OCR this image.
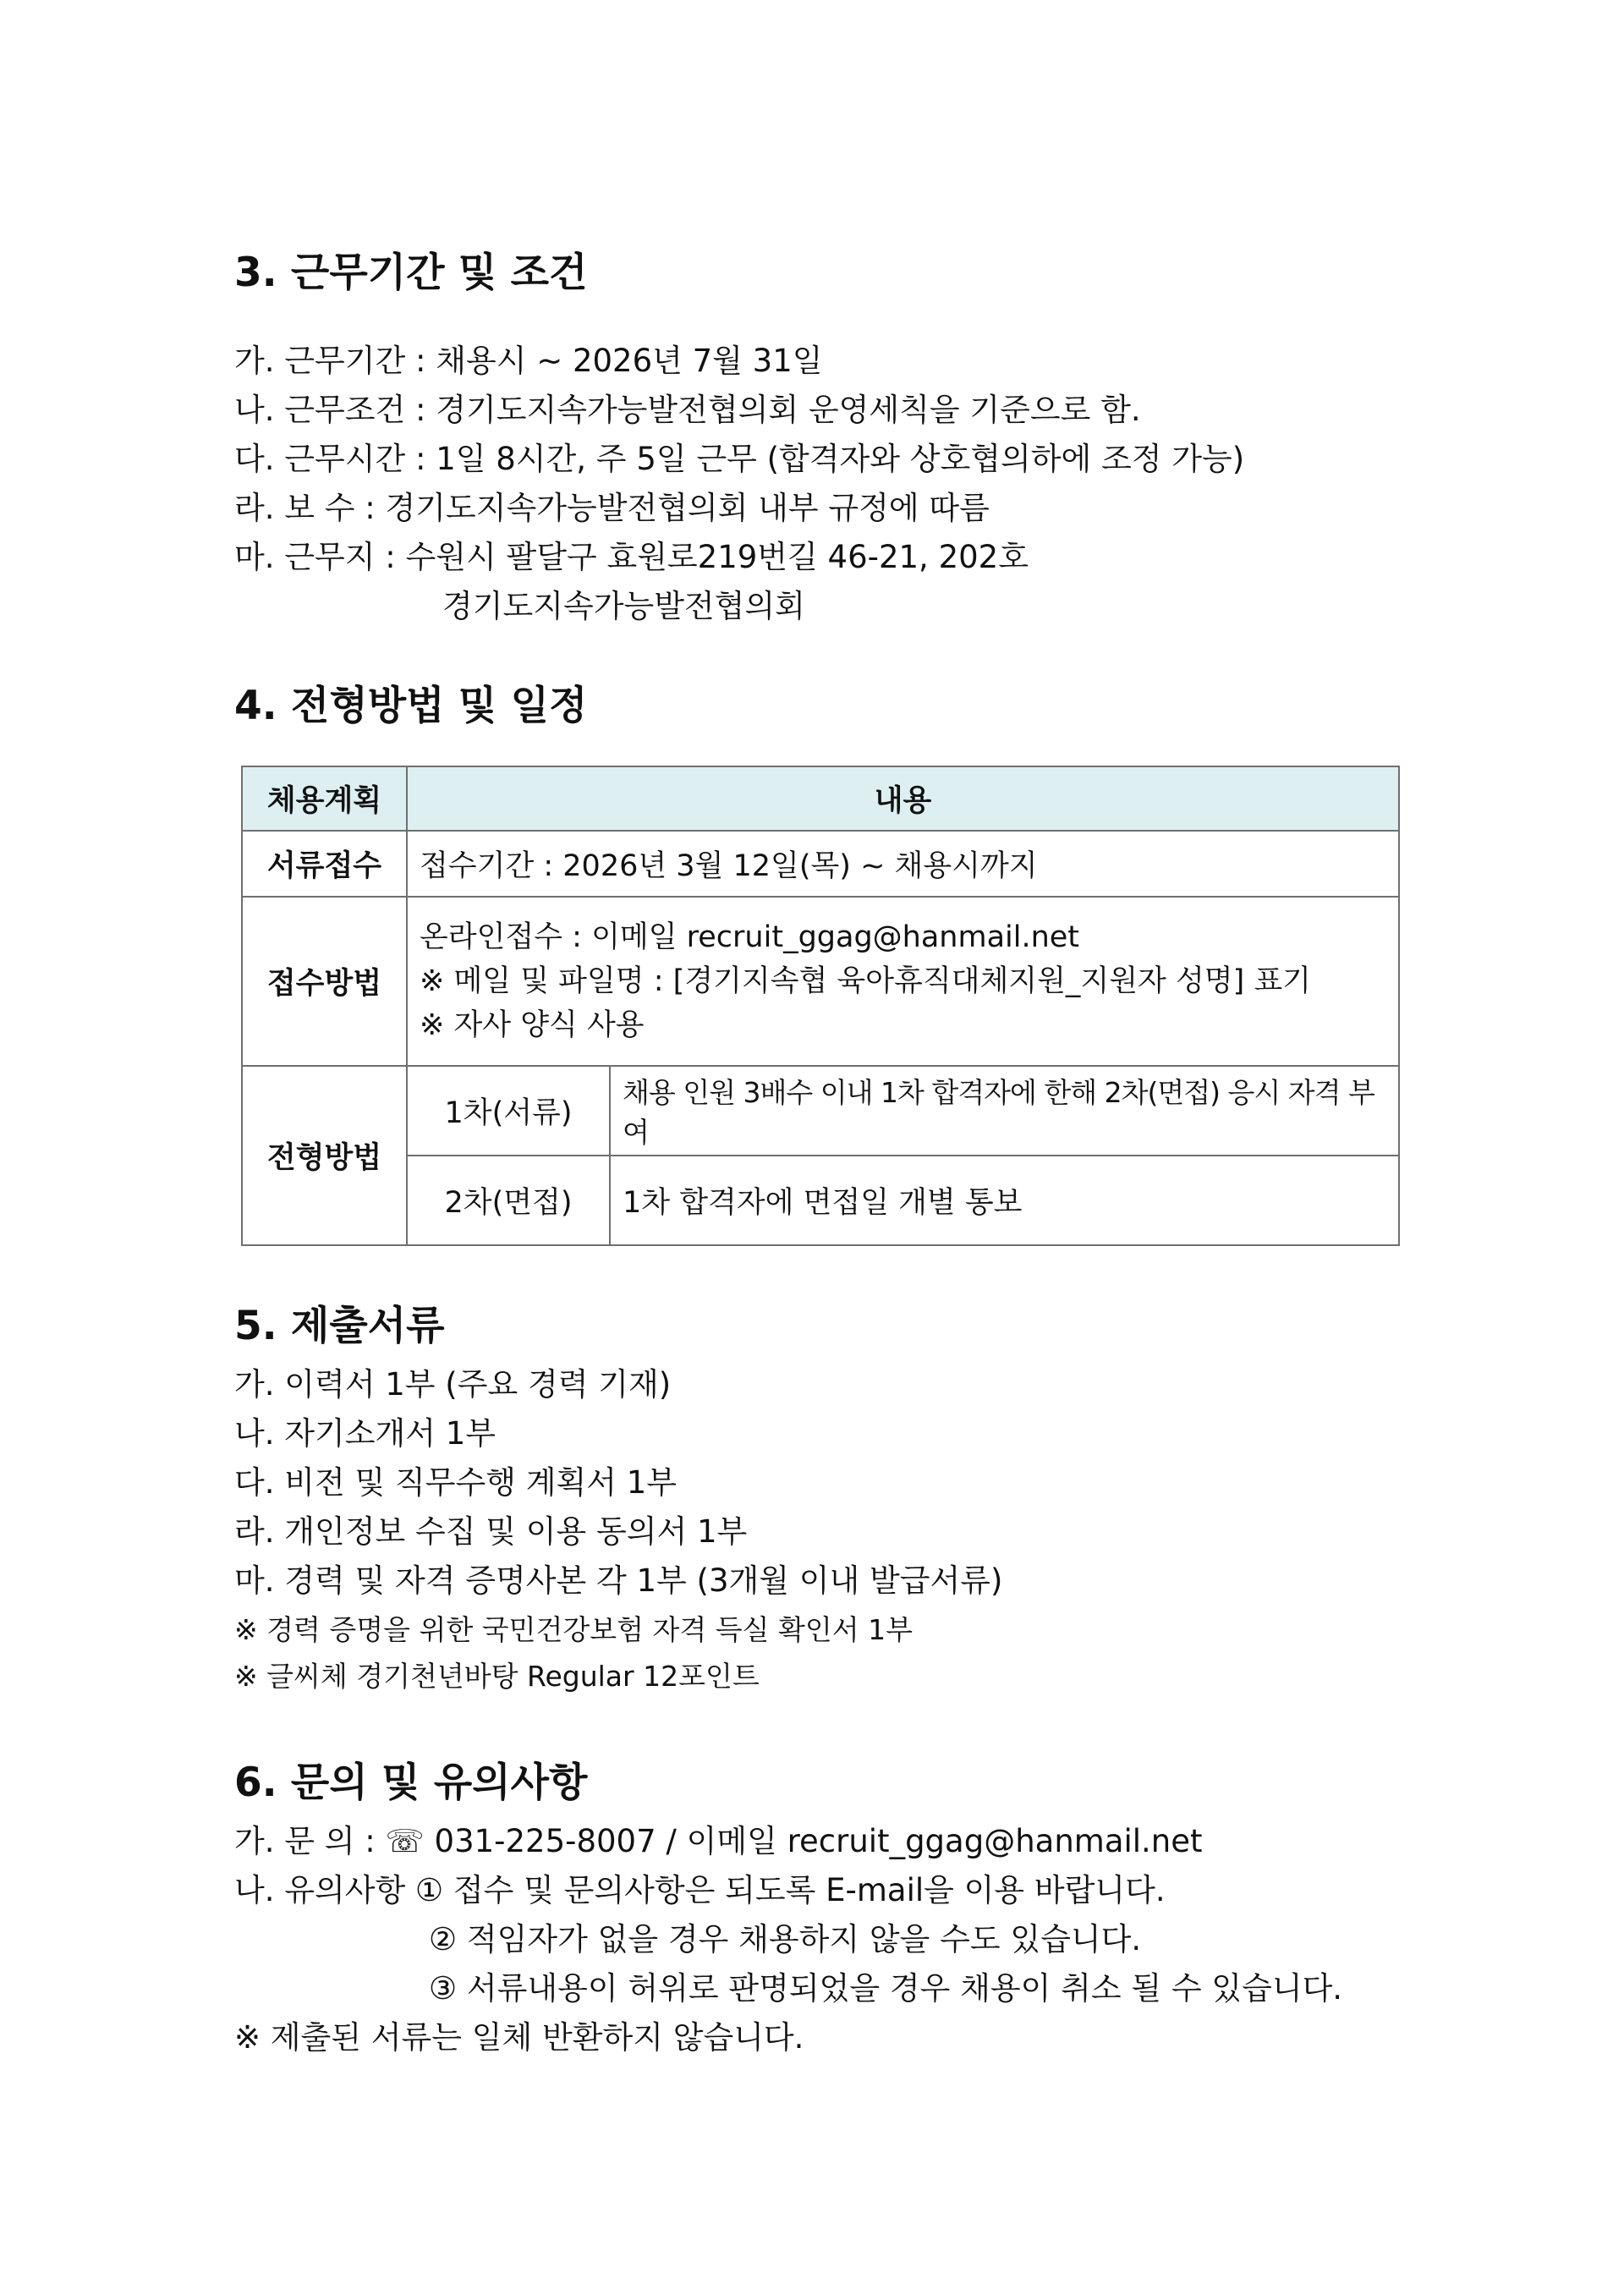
3. 근무기간 및 조건
가. 근무기간 : 채용시 ~ 2026년 7월 31일
나. 근무조건 : 경기도지속가능발전협의회 운영세칙을 기준으로 함.
다. 근무시간 : 1일 8시간, 주 5일 근무 (합격자와 상호협의하에 조정 가능)
라. 보 수 : 경기도지속가능발전협의회 내부 규정에 따름
마. 근무지 : 수원시 팔달구 효원로219번길 46-21, 202호
경기도지속가능발전협의회
4. 전형방법 및 일정
체용계획	내용	
서류접수	접수기간 : 2026년 3월 12일(목) ~ 채용시까지	
접수방법	온라인접수 : 이메일 recruit_ggag@hanmail.net
※ 메일 및 파일명 : [경기지속협 육아휴직대체지원_지원자 성명] 표기
※ 자사 양식 사용	

전형방법	1차(서류)	채용 인원 3배수 이내 1차 합격자에 한해 2차(면접) 응시 자격 부여
	2차(면접)	1차 합격자에 면접일 개별 통보
5. 제출서류
가. 이력서 1부 (주요 경력 기재)
나. 자기소개서 1부
다. 비전 및 직무수행 계획서 1부
라. 개인정보 수집 및 이용 동의서 1부
마. 경력 및 자격 증명사본 각 1부 (3개월 이내 발급서류)
※ 경력 증명을 위한 국민건강보험 자격 득실 확인서 1부
※ 글씨체 경기천년바탕 Regular 12포인트
6. 문의 및 유의사항
가. 문 의 : ☏ 031-225-8007 / 이메일 recruit_ggag@hanmail.net
나. 유의사항 ① 접수 및 문의사항은 되도록 E-mail을 이용 바랍니다.
② 적임자가 없을 경우 채용하지 않을 수도 있습니다.
③ 서류내용이 허위로 판명되었을 경우 채용이 취소 될 수 있습니다.
※ 제출된 서류는 일체 반환하지 않습니다.
